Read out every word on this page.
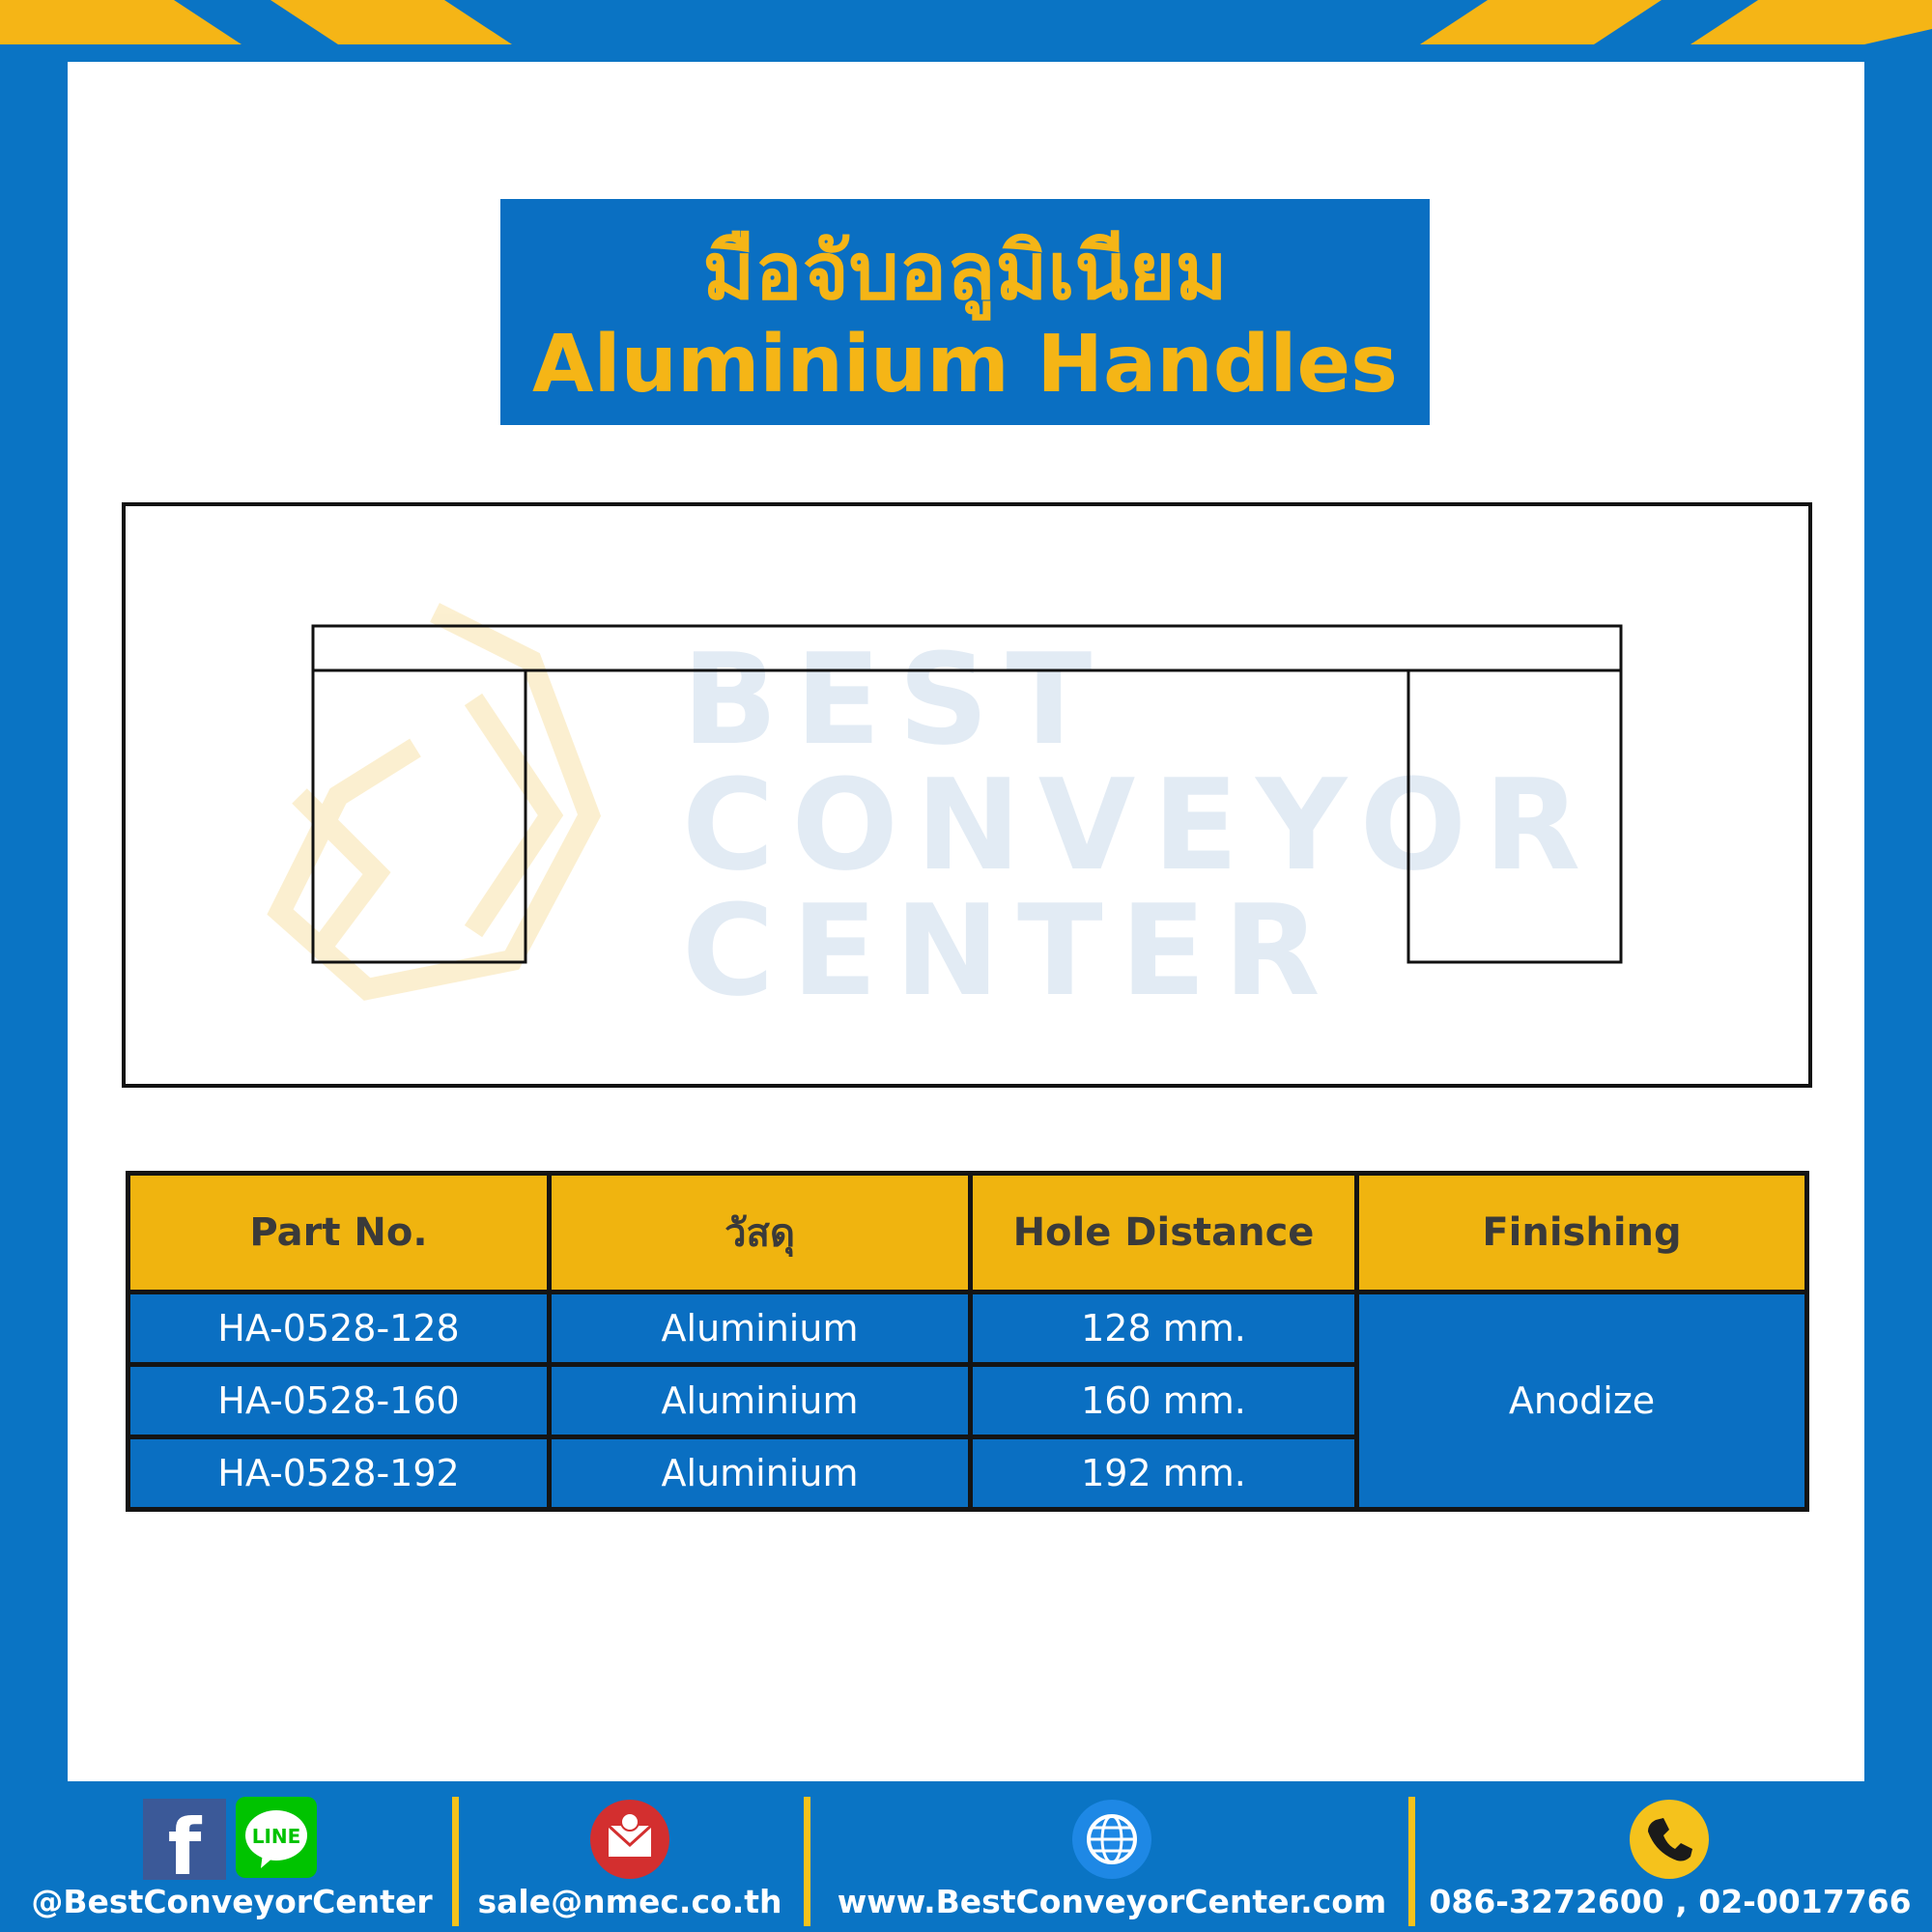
มือจับอลูมิเนียม
Aluminium Handles
BEST
CONVEYOR
CENTER
Part No.	วัสดุ	Hole Distance	Finishing
HA-0528-128	Aluminium	128 mm.	Anodize
HA-0528-160	Aluminium	160 mm.	
HA-0528-192	Aluminium	192 mm.	
f	LINE
@BestConveyorCenter	sale@nmec.co.th	www.BestConveyorCenter.com	086-3272600 , 02-0017766
